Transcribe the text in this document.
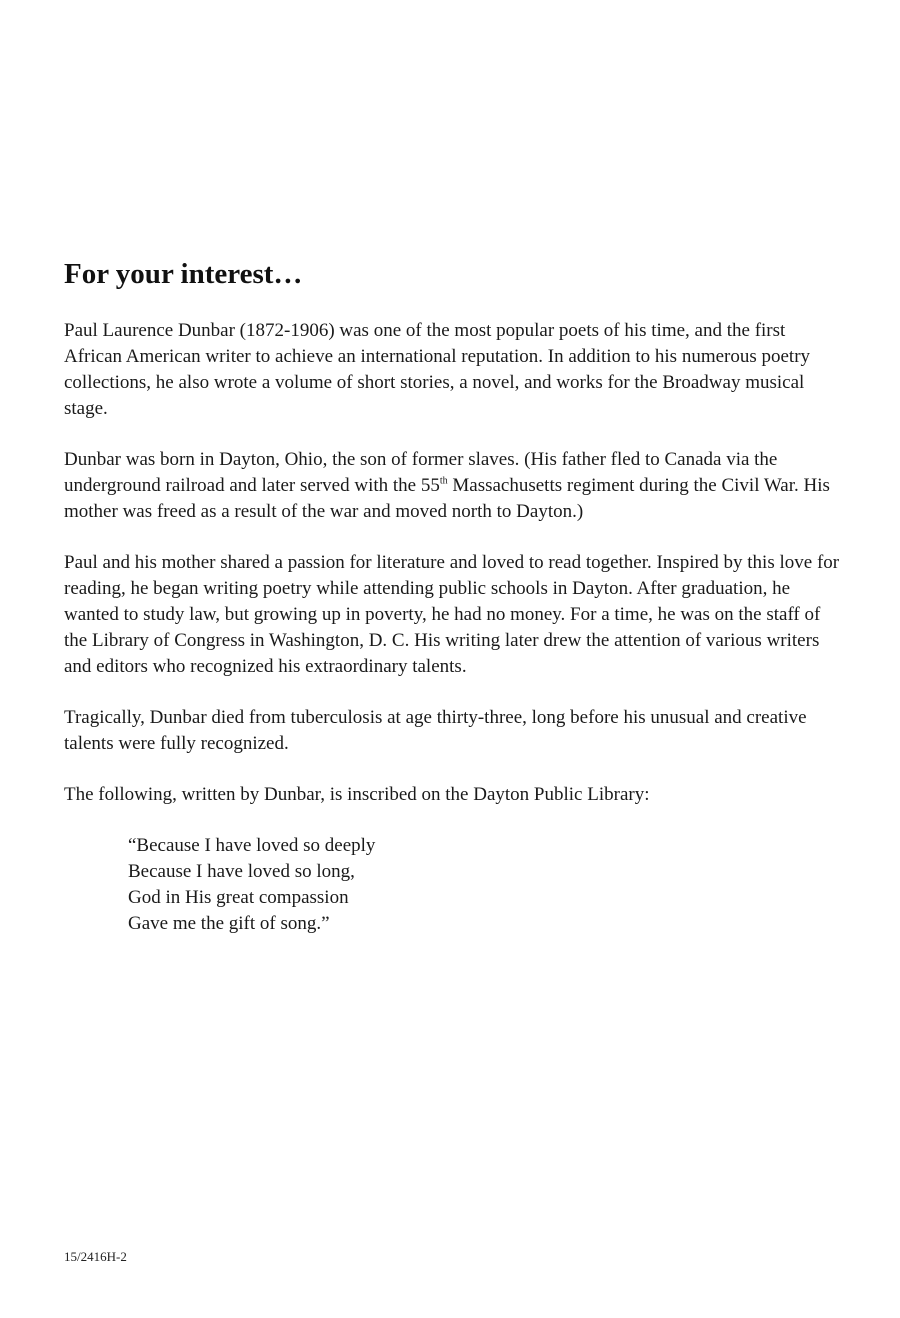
For your interest…

Paul Laurence Dunbar (1872-1906) was one of the most popular poets of his time, and the first African American writer to achieve an international reputation. In addition to his numerous poetry collections, he also wrote a volume of short stories, a novel, and works for the Broadway musical stage.

Dunbar was born in Dayton, Ohio, the son of former slaves. (His father fled to Canada via the underground railroad and later served with the 55th Massachusetts regiment during the Civil War. His mother was freed as a result of the war and moved north to Dayton.)

Paul and his mother shared a passion for literature and loved to read together. Inspired by this love for reading, he began writing poetry while attending public schools in Dayton. After graduation, he wanted to study law, but growing up in poverty, he had no money. For a time, he was on the staff of the Library of Congress in Washington, D. C. His writing later drew the attention of various writers and editors who recognized his extraordinary talents.

Tragically, Dunbar died from tuberculosis at age thirty-three, long before his unusual and creative talents were fully recognized.

The following, written by Dunbar, is inscribed on the Dayton Public Library:

“Because I have loved so deeply
Because I have loved so long,
God in His great compassion
Gave me the gift of song.”
15/2416H-2
